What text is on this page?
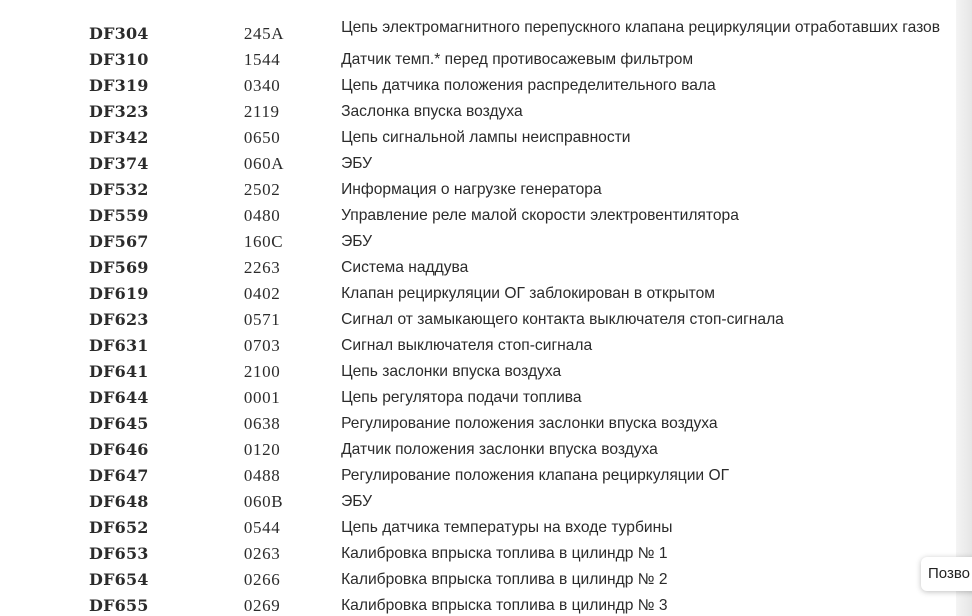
DF304	245A	Цепь электромагнитного перепускного клапана рециркуляции отработавших газов
DF310	1544	Датчик темп.* перед противосажевым фильтром
DF319	0340	Цепь датчика положения распределительного вала
DF323	2119	Заслонка впуска воздуха
DF342	0650	Цепь сигнальной лампы неисправности
DF374	060A	ЭБУ
DF532	2502	Информация о нагрузке генератора
DF559	0480	Управление реле малой скорости электровентилятора
DF567	160C	ЭБУ
DF569	2263	Система наддува
DF619	0402	Клапан рециркуляции ОГ заблокирован в открытом
DF623	0571	Сигнал от замыкающего контакта выключателя стоп-сигнала
DF631	0703	Сигнал выключателя стоп-сигнала
DF641	2100	Цепь заслонки впуска воздуха
DF644	0001	Цепь регулятора подачи топлива
DF645	0638	Регулирование положения заслонки впуска воздуха
DF646	0120	Датчик положения заслонки впуска воздуха
DF647	0488	Регулирование положения клапана рециркуляции ОГ
DF648	060B	ЭБУ
DF652	0544	Цепь датчика температуры на входе турбины
DF653	0263	Калибровка впрыска топлива в цилиндр № 1
DF654	0266	Калибровка впрыска топлива в цилиндр № 2
DF655	0269	Калибровка впрыска топлива в цилиндр № 3
Позво
